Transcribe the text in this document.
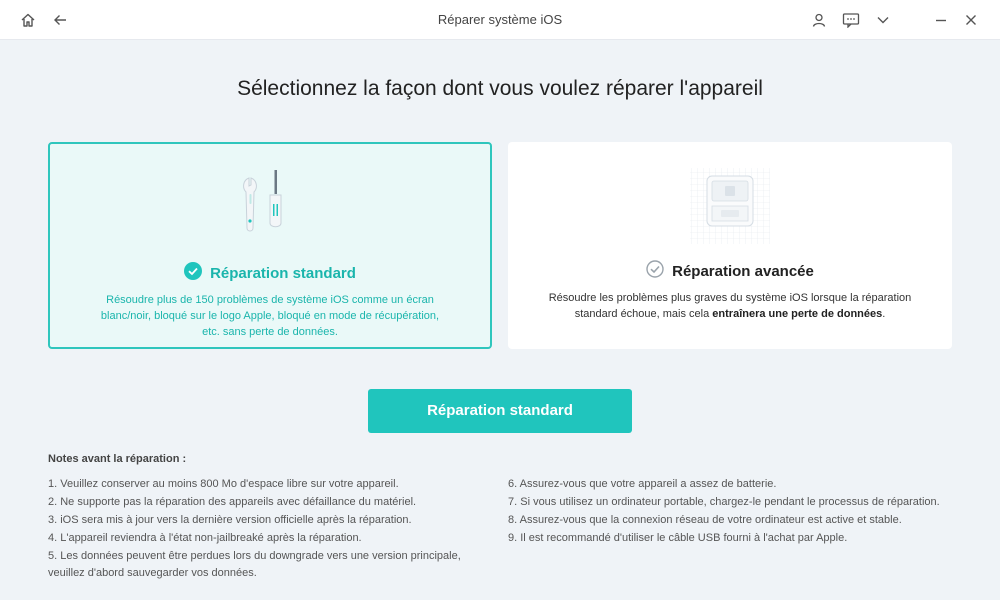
Réparer système iOS
Sélectionnez la façon dont vous voulez réparer l'appareil
Réparation standard
Résoudre plus de 150 problèmes de système iOS comme un écran blanc/noir, bloqué sur le logo Apple, bloqué en mode de récupération, etc. sans perte de données.
Réparation avancée
Résoudre les problèmes plus graves du système iOS lorsque la réparation standard échoue, mais cela entraînera une perte de données.
Réparation standard
Notes avant la réparation :
1. Veuillez conserver au moins 800 Mo d'espace libre sur votre appareil.
2. Ne supporte pas la réparation des appareils avec défaillance du matériel.
3. iOS sera mis à jour vers la dernière version officielle après la réparation.
4. L'appareil reviendra à l'état non-jailbreaké après la réparation.
5. Les données peuvent être perdues lors du downgrade vers une version principale, veuillez d'abord sauvegarder vos données.
6. Assurez-vous que votre appareil a assez de batterie.
7. Si vous utilisez un ordinateur portable, chargez-le pendant le processus de réparation.
8. Assurez-vous que la connexion réseau de votre ordinateur est active et stable.
9. Il est recommandé d'utiliser le câble USB fourni à l'achat par Apple.
